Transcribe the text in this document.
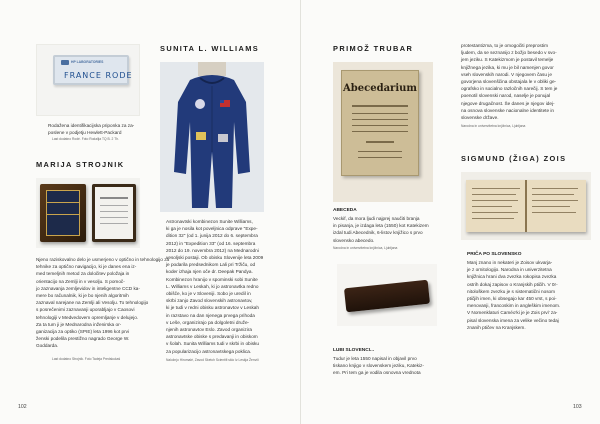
HP LABORATORIES
FRANCE RODE
Rodažena identifikacijska priponka za za-
poslene v podjetju Hewlett-Packard
Last dodatno Rodé. Foto Rodalija TQ B. 2 Th.
MARIJA STROJNIK
Njeno raziskovalno delo je usmerjeno v optično in tehnologijo za
tehnike za optično navigacijo, ki je danes ena iz-
med temeljnih metod za določitev položaja in
orientacijo na Zemlji in v vesolju. S pomoč-
jo zaznavanja zemljevidov in inteligentne CCD ka-
mere bo računalnik, ki je bo njenih algoritmih
zaznaval narejane na Zemlji ali Vesolju. To tehnologijo
s posrečenimi zaznavanji uporabljajo v Caosovi
tehnologiji v Medvedovem opremljanje v delujejo.
Za ta tum ji je Mednarodna inženirska or-
ganizacija za optiko (SPIE) leta 1996 kot prvi
ženski podelila prestižno nagrado George W.
Goddarda.
Last dodatno Strojnik. Foto Tadeja Predskukaš
SUNITA L. WILLIAMS
Astronavtski kombinezon Sunite Williams,
ki ga je nosila kot poveljnica odprave "Expe-
dition 32" (od 1. junija 2012 do 6. septembra
2012) in "Expedition 33" (od 16. septembra
2012 do 19. novembra 2012) na Mednarodni
vesoljski postaji. Ob obisku Slovenije leta 2009
je podarila predsednikom Lali pri Tržiču, od
koder izhaja njen oče dr. Deepak Pandya.
Kombinezon hranijo v spominski sobi Sunite
L. Williams v Leskah, ki jo astronavtka redno
obišče, ko je v Sloveniji. Sobo je uredil in
skrbi zanjo Zavod slovenskih astronavtov,
ki je tudi v redni obisku astronavtov v Leskah
in razstavo na dan njenega prvega prihoda
v Leše, organizirajo pa dolgoletni druže-
njenih astronavtov Eslo. Zavod organizira
astronavtske obiske s predavanji in obiskom
v šolah. Sunita Williams tudi v skrbi in obisku
za popularizacijo astronavtskega poklica.
Naložnjo Hiromalé, Zavod Sketch Scientifi sklo Iz Leskja Ženvči
102
PRIMOŽ TRUBAR
Abecedarium
ABECEDA
Veckif, da mora ljudi najprej naučiti branja
in pisanja, je izdaga leta (1550) kot Katekizem
izdal tudi Abecednik, 6-listov knjižico s prvo
slovensko abecedo.
Narodna in univerzitetna knjižnica, Ljubljana
LUBI SLOVENCI...
Tudur je leta 1550 napisal in objavil prvo
tiskano knjigo v slovenskem jeziku, Katekiz-
em. Pri tem ga je vodila osnovna vrednota
protestantizma, to je omogočiti preprostim
ljudem, da se seznanijo z božjo besedo v svo-
jem jeziku. S Katekizmom je postavil temelje
knjižnega jezika, ki mu je bil namenjen govor
vseh slovenskih narodi. V njegovem času je
govorjena slovenščina obstajala le v obliki ge-
ografsko in socialno razločnih narečij. S tem je
poenotil slovenski narod, naselje je ponujal
njegove drugačnost. Še danes je njegov idej-
na osnova slovenske nacionalne identitete in
slovenske države.
Narodna in univerzitetna knjižnica, Ljubljana
SIGMUND (ŽIGA) ZOIS
PRIČA PO SLOVENSKO
Manj znano in nekateri je Zoisov ukvarja-
je z ornitologijo. Narodna in univerzitetna
knjižnica hrani dva zvezka rokopisa zvezka
ostrih dokaj zapisov o Kranjskih ptičih. V 0r-
nitološkem zvezku je s sistematični nosom
ptičjih imen, ki obsegajo kar 450 vrst, s poi-
menovanji, francoskim in angleškim imenom.
V Nomenklaturi Caméo'ki je je Zois prvi' za-
pisal slovenska imena za velike večino tedaj
znanih ptičev na Kranjskem.
103
